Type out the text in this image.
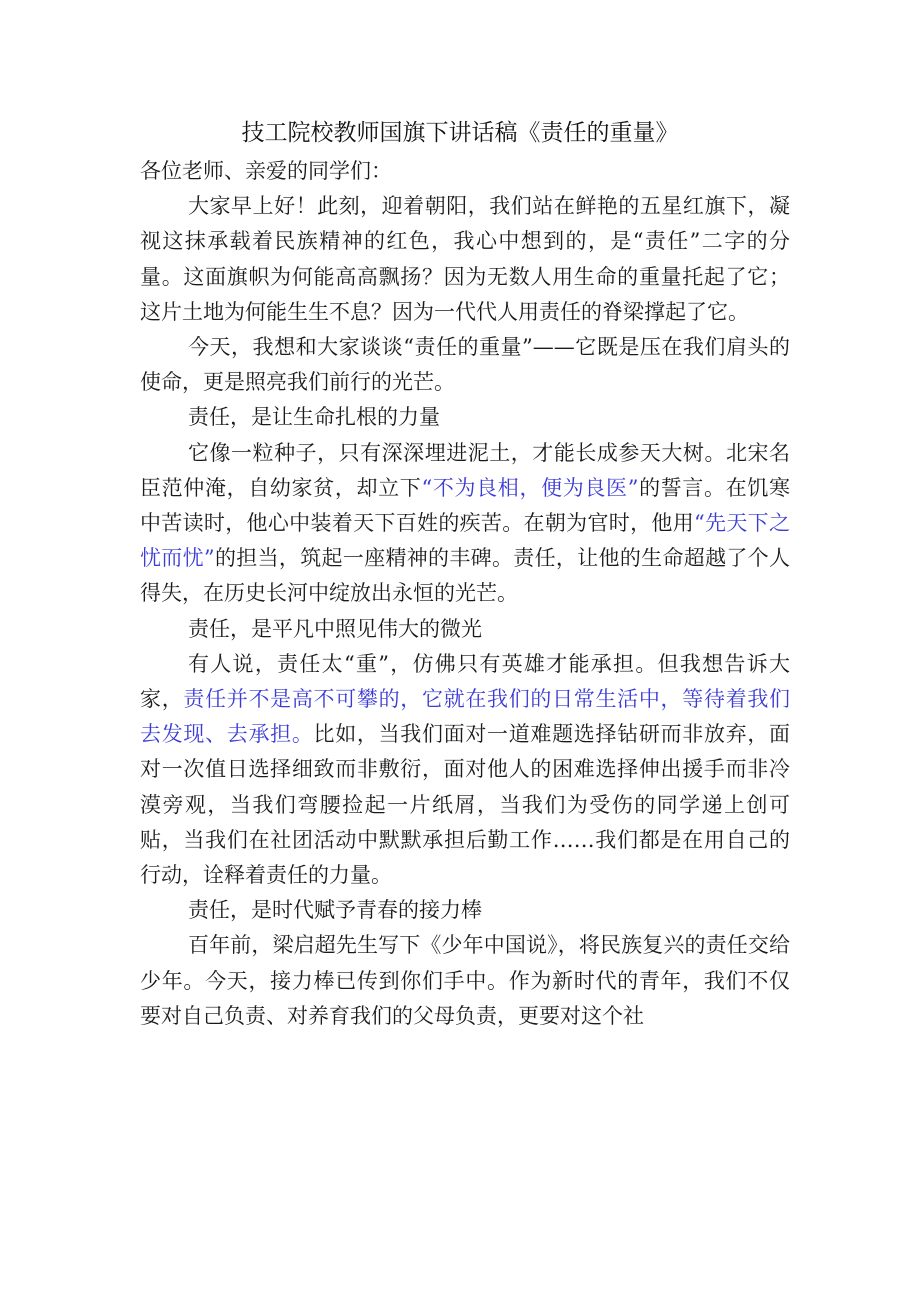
技工院校教师国旗下讲话稿《责任的重量》

各位老师、亲爱的同学们：

大家早上好！此刻，迎着朝阳，我们站在鲜艳的五星红旗下，凝视这抹承载着民族精神的红色，我心中想到的，是“责任”二字的分量。这面旗帜为何能高高飘扬？因为无数人用生命的重量托起了它；这片土地为何能生生不息？因为一代代人用责任的脊梁撑起了它。

今天，我想和大家谈谈“责任的重量”——它既是压在我们肩头的使命，更是照亮我们前行的光芒。

责任，是让生命扎根的力量

它像一粒种子，只有深深埋进泥土，才能长成参天大树。北宋名臣范仲淹，自幼家贫，却立下“不为良相，便为良医”的誓言。在饥寒中苦读时，他心中装着天下百姓的疾苦。在朝为官时，他用“先天下之忧而忧”的担当，筑起一座精神的丰碑。责任，让他的生命超越了个人得失，在历史长河中绽放出永恒的光芒。

责任，是平凡中照见伟大的微光

有人说，责任太“重”，仿佛只有英雄才能承担。但我想告诉大家，责任并不是高不可攀的，它就在我们的日常生活中，等待着我们去发现、去承担。比如，当我们面对一道难题选择钻研而非放弃，面对一次值日选择细致而非敷衍，面对他人的困难选择伸出援手而非冷漠旁观，当我们弯腰捡起一片纸屑，当我们为受伤的同学递上创可贴，当我们在社团活动中默默承担后勤工作……我们都是在用自己的行动，诠释着责任的力量。

责任，是时代赋予青春的接力棒

百年前，梁启超先生写下《少年中国说》，将民族复兴的责任交给少年。今天，接力棒已传到你们手中。作为新时代的青年，我们不仅要对自己负责、对养育我们的父母负责，更要对这个社
